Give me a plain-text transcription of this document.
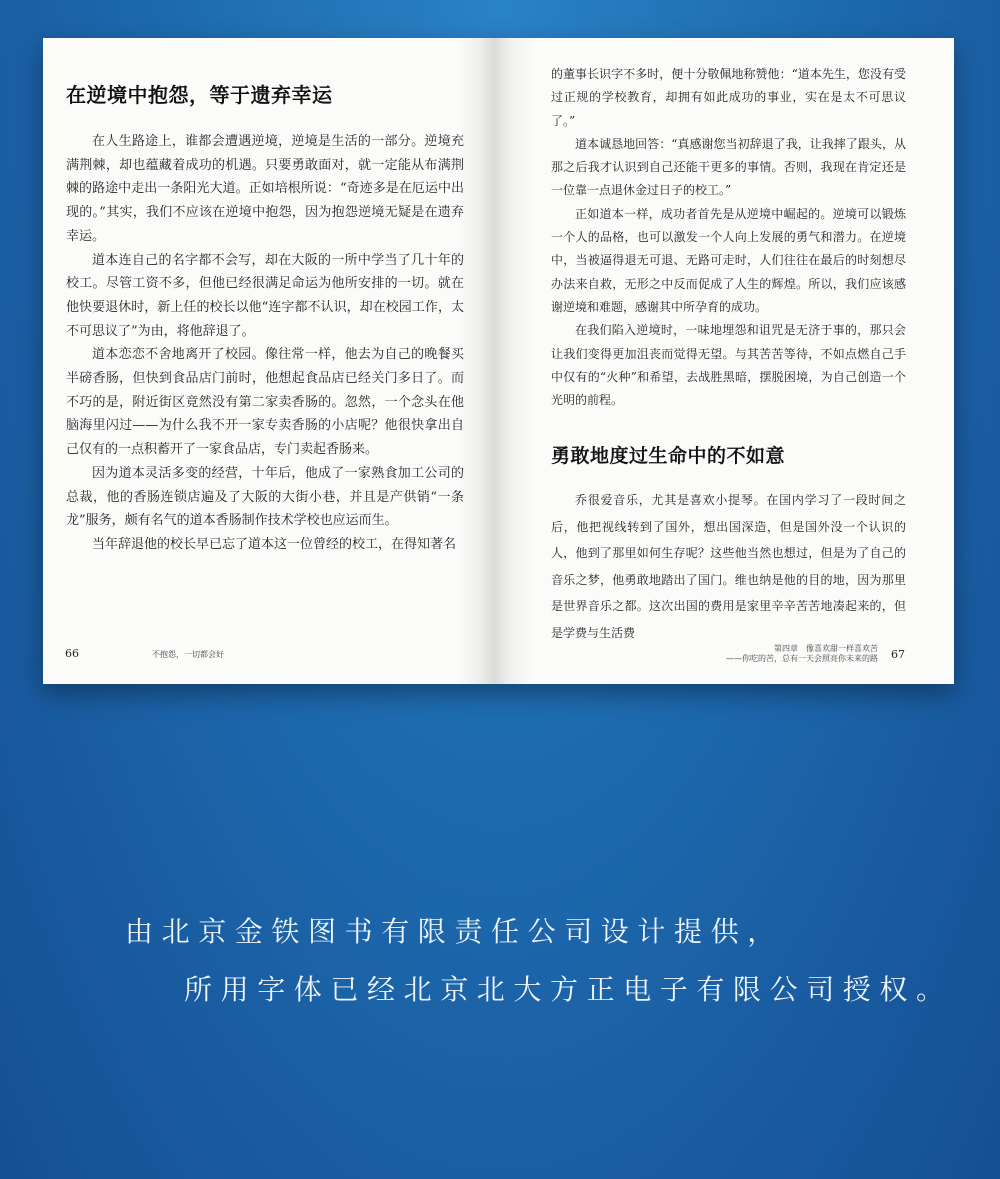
在逆境中抱怨，等于遗弃幸运

在人生路途上，谁都会遭遇逆境，逆境是生活的一部分。逆境充满荆棘，却也蕴藏着成功的机遇。只要勇敢面对，就一定能从布满荆棘的路途中走出一条阳光大道。正如培根所说：“奇迹多是在厄运中出现的。”其实，我们不应该在逆境中抱怨，因为抱怨逆境无疑是在遗弃幸运。

道本连自己的名字都不会写，却在大阪的一所中学当了几十年的校工。尽管工资不多，但他已经很满足命运为他所安排的一切。就在他快要退休时，新上任的校长以他“连字都不认识，却在校园工作，太不可思议了”为由，将他辞退了。

道本恋恋不舍地离开了校园。像往常一样，他去为自己的晚餐买半磅香肠，但快到食品店门前时，他想起食品店已经关门多日了。而不巧的是，附近街区竟然没有第二家卖香肠的。忽然，一个念头在他脑海里闪过——为什么我不开一家专卖香肠的小店呢？他很快拿出自己仅有的一点积蓄开了一家食品店，专门卖起香肠来。

因为道本灵活多变的经营，十年后，他成了一家熟食加工公司的总裁，他的香肠连锁店遍及了大阪的大街小巷，并且是产供销“一条龙”服务，颇有名气的道本香肠制作技术学校也应运而生。

当年辞退他的校长早已忘了道本这一位曾经的校工，在得知著名

66	不抱怨，一切都会好

的董事长识字不多时，便十分敬佩地称赞他：“道本先生，您没有受过正规的学校教育，却拥有如此成功的事业，实在是太不可思议了。”

道本诚恳地回答：“真感谢您当初辞退了我，让我摔了跟头，从那之后我才认识到自己还能干更多的事情。否则，我现在肯定还是一位靠一点退休金过日子的校工。”

正如道本一样，成功者首先是从逆境中崛起的。逆境可以锻炼一个人的品格，也可以激发一个人向上发展的勇气和潜力。在逆境中，当被逼得退无可退、无路可走时，人们往往在最后的时刻想尽办法来自救，无形之中反而促成了人生的辉煌。所以，我们应该感谢逆境和难题，感谢其中所孕育的成功。

在我们陷入逆境时，一味地埋怨和诅咒是无济于事的，那只会让我们变得更加沮丧而觉得无望。与其苦苦等待，不如点燃自己手中仅有的“火种”和希望，去战胜黑暗，摆脱困境，为自己创造一个光明的前程。

勇敢地度过生命中的不如意

乔很爱音乐，尤其是喜欢小提琴。在国内学习了一段时间之后，他把视线转到了国外，想出国深造，但是国外没一个认识的人，他到了那里如何生存呢？这些他当然也想过，但是为了自己的音乐之梦，他勇敢地踏出了国门。维也纳是他的目的地，因为那里是世界音乐之都。这次出国的费用是家里辛辛苦苦地凑起来的，但是学费与生活费

第四章　像喜欢甜一样喜欢苦
——你吃的苦，总有一天会照亮你未来的路 67
由北京金铁图书有限责任公司设计提供，
所用字体已经北京北大方正电子有限公司授权。
